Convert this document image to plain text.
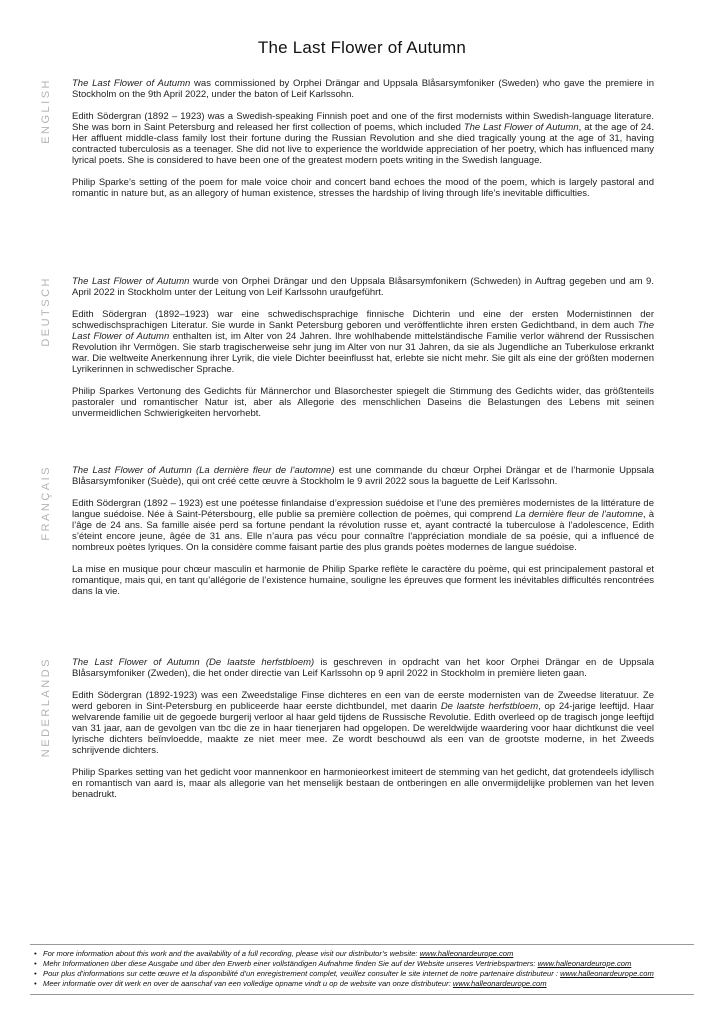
The Last Flower of Autumn
ENGLISH The Last Flower of Autumn was commissioned by Orphei Drängar and Uppsala Blåsarsymfoniker (Sweden) who gave the premiere in Stockholm on the 9th April 2022, under the baton of Leif Karlssohn.

Edith Södergran (1892 – 1923) was a Swedish-speaking Finnish poet and one of the first modernists within Swedish-language literature. She was born in Saint Petersburg and released her first collection of poems, which included The Last Flower of Autumn, at the age of 24. Her affluent middle-class family lost their fortune during the Russian Revolution and she died tragically young at the age of 31, having contracted tuberculosis as a teenager. She did not live to experience the worldwide appreciation of her poetry, which has influenced many lyrical poets. She is considered to have been one of the greatest modern poets writing in the Swedish language.

Philip Sparke’s setting of the poem for male voice choir and concert band echoes the mood of the poem, which is largely pastoral and romantic in nature but, as an allegory of human existence, stresses the hardship of living through life’s inevitable difficulties.

DEUTSCH The Last Flower of Autumn wurde von Orphei Drängar und den Uppsala Blåsarsymfonikern (Schweden) in Auftrag gegeben und am 9. April 2022 in Stockholm unter der Leitung von Leif Karlssohn uraufgeführt.

Edith Södergran (1892–1923) war eine schwedischsprachige finnische Dichterin und eine der ersten Modernistinnen der schwedischsprachigen Literatur. Sie wurde in Sankt Petersburg geboren und veröffentlichte ihren ersten Gedichtband, in dem auch The Last Flower of Autumn enthalten ist, im Alter von 24 Jahren. Ihre wohlhabende mittelständische Familie verlor während der Russischen Revolution ihr Vermögen. Sie starb tragischerweise sehr jung im Alter von nur 31 Jahren, da sie als Jugendliche an Tuberkulose erkrankt war. Die weltweite Anerkennung ihrer Lyrik, die viele Dichter beeinflusst hat, erlebte sie nicht mehr. Sie gilt als eine der größten modernen Lyrikerinnen in schwedischer Sprache.

Philip Sparkes Vertonung des Gedichts für Männerchor und Blasorchester spiegelt die Stimmung des Gedichts wider, das größtenteils pastoraler und romantischer Natur ist, aber als Allegorie des menschlichen Daseins die Belastungen des Lebens mit seinen unvermeidlichen Schwierigkeiten hervorhebt.

FRANÇAIS The Last Flower of Autumn (La dernière fleur de l’automne) est une commande du chœur Orphei Drängar et de l’harmonie Uppsala Blåsarsymfoniker (Suède), qui ont créé cette œuvre à Stockholm le 9 avril 2022 sous la baguette de Leif Karlssohn.

Edith Södergran (1892 – 1923) est une poétesse finlandaise d’expression suédoise et l’une des premières modernistes de la littérature de langue suédoise. Née à Saint-Pétersbourg, elle publie sa première collection de poèmes, qui comprend La dernière fleur de l’automne, à l’âge de 24 ans. Sa famille aisée perd sa fortune pendant la révolution russe et, ayant contracté la tuberculose à l’adolescence, Edith s’éteint encore jeune, âgée de 31 ans. Elle n’aura pas vécu pour connaître l’appréciation mondiale de sa poésie, qui a influencé de nombreux poètes lyriques. On la considère comme faisant partie des plus grands poètes modernes de langue suédoise.

La mise en musique pour chœur masculin et harmonie de Philip Sparke reflète le caractère du poème, qui est principalement pastoral et romantique, mais qui, en tant qu’allégorie de l’existence humaine, souligne les épreuves que forment les inévitables difficultés rencontrées dans la vie.

NEDERLANDS The Last Flower of Autumn (De laatste herfstbloem) is geschreven in opdracht van het koor Orphei Drängar en de Uppsala Blåsarsymfoniker (Zweden), die het onder directie van Leif Karlssohn op 9 april 2022 in Stockholm in première lieten gaan.

Edith Södergran (1892-1923) was een Zweedstalige Finse dichteres en een van de eerste modernisten van de Zweedse literatuur. Ze werd geboren in Sint-Petersburg en publiceerde haar eerste dichtbundel, met daarin De laatste herfstbloem, op 24-jarige leeftijd. Haar welvarende familie uit de gegoede burgerij verloor al haar geld tijdens de Russische Revolutie. Edith overleed op de tragisch jonge leeftijd van 31 jaar, aan de gevolgen van tbc die ze in haar tienerjaren had opgelopen. De wereldwijde waardering voor haar dichtkunst die veel lyrische dichters beïnvloedde, maakte ze niet meer mee. Ze wordt beschouwd als een van de grootste moderne, in het Zweeds schrijvende dichters.

Philip Sparkes setting van het gedicht voor mannenkoor en harmonieorkest imiteert de stemming van het gedicht, dat grotendeels idyllisch en romantisch van aard is, maar als allegorie van het menselijk bestaan de ontberingen en alle onvermijdelijke problemen van het leven benadrukt.

• For more information about this work and the availability of a full recording, please visit our distributor’s website: www.halleonardeurope.com
• Mehr Informationen über diese Ausgabe und über den Erwerb einer vollständigen Aufnahme finden Sie auf der Website unseres Vertriebspartners: www.halleonardeurope.com
• Pour plus d’informations sur cette œuvre et la disponibilité d’un enregistrement complet, veuillez consulter le site internet de notre partenaire distributeur : www.halleonardeurope.com
• Meer informatie over dit werk en over de aanschaf van een volledige opname vindt u op de website van onze distributeur: www.halleonardeurope.com
